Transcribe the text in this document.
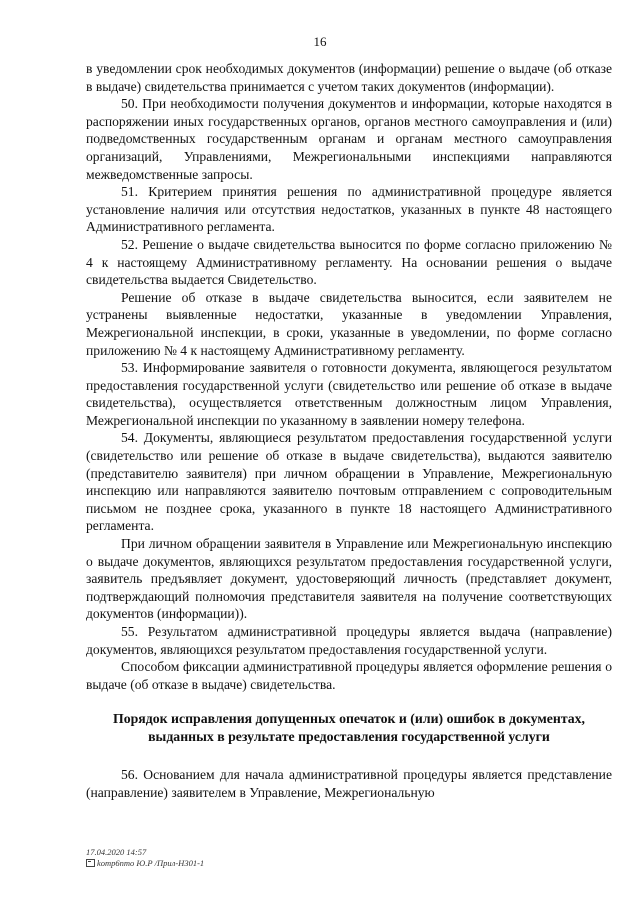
16

в уведомлении срок необходимых документов (информации) решение о выдаче (об отказе в выдаче) свидетельства принимается с учетом таких документов (информации).

50. При необходимости получения документов и информации, которые находятся в распоряжении иных государственных органов, органов местного самоуправления и (или) подведомственных государственным органам и органам местного самоуправления организаций, Управлениями, Межрегиональными инспекциями направляются межведомственные запросы.

51. Критерием принятия решения по административной процедуре является установление наличия или отсутствия недостатков, указанных в пункте 48 настоящего Административного регламента.

52. Решение о выдаче свидетельства выносится по форме согласно приложению № 4 к настоящему Административному регламенту. На основании решения о выдаче свидетельства выдается Свидетельство.

Решение об отказе в выдаче свидетельства выносится, если заявителем не устранены выявленные недостатки, указанные в уведомлении Управления, Межрегиональной инспекции, в сроки, указанные в уведомлении, по форме согласно приложению № 4 к настоящему Административному регламенту.

53. Информирование заявителя о готовности документа, являющегося результатом предоставления государственной услуги (свидетельство или решение об отказе в выдаче свидетельства), осуществляется ответственным должностным лицом Управления, Межрегиональной инспекции по указанному в заявлении номеру телефона.

54. Документы, являющиеся результатом предоставления государственной услуги (свидетельство или решение об отказе в выдаче свидетельства), выдаются заявителю (представителю заявителя) при личном обращении в Управление, Межрегиональную инспекцию или направляются заявителю почтовым отправлением с сопроводительным письмом не позднее срока, указанного в пункте 18 настоящего Административного регламента.

При личном обращении заявителя в Управление или Межрегиональную инспекцию о выдаче документов, являющихся результатом предоставления государственной услуги, заявитель предъявляет документ, удостоверяющий личность (представляет документ, подтверждающий полномочия представителя заявителя на получение соответствующих документов (информации)).

55. Результатом административной процедуры является выдача (направление) документов, являющихся результатом предоставления государственной услуги.

Способом фиксации административной процедуры является оформление решения о выдаче (об отказе в выдаче) свидетельства.

Порядок исправления допущенных опечаток и (или) ошибок в документах, выданных в результате предоставления государственной услуги

56. Основанием для начала административной процедуры является представление (направление) заявителем в Управление, Межрегиональную

17.04.2020 14:57
komp6nmo Ю.Р /Прил-Н301-1
